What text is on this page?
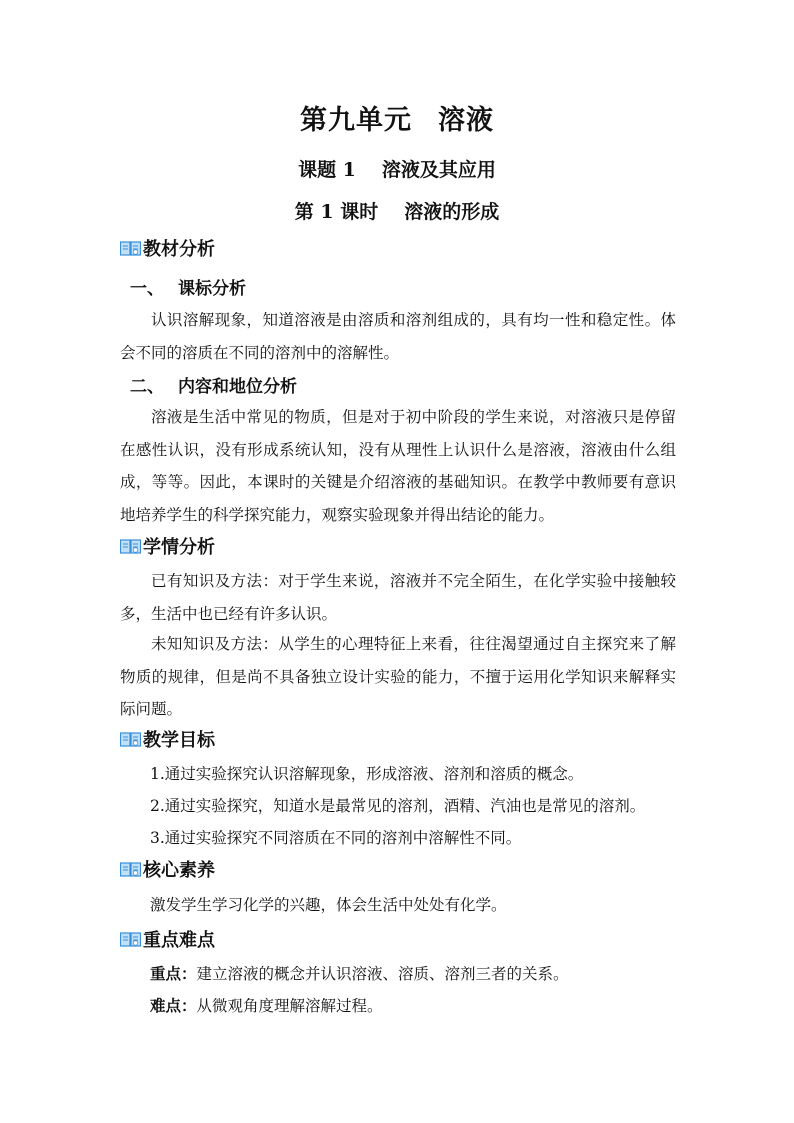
第九单元 溶液
课题 1 溶液及其应用
第 1 课时 溶液的形成
教材分析
一、 课标分析
认识溶解现象，知道溶液是由溶质和溶剂组成的，具有均一性和稳定性。体会不同的溶质在不同的溶剂中的溶解性。
二、 内容和地位分析
溶液是生活中常见的物质，但是对于初中阶段的学生来说，对溶液只是停留在感性认识，没有形成系统认知，没有从理性上认识什么是溶液，溶液由什么组成，等等。因此，本课时的关键是介绍溶液的基础知识。在教学中教师要有意识地培养学生的科学探究能力，观察实验现象并得出结论的能力。
学情分析
已有知识及方法：对于学生来说，溶液并不完全陌生，在化学实验中接触较多，生活中也已经有许多认识。
未知知识及方法：从学生的心理特征上来看，往往渴望通过自主探究来了解物质的规律，但是尚不具备独立设计实验的能力，不擅于运用化学知识来解释实际问题。
教学目标
1.通过实验探究认识溶解现象，形成溶液、溶剂和溶质的概念。
2.通过实验探究，知道水是最常见的溶剂，酒精、汽油也是常见的溶剂。
3.通过实验探究不同溶质在不同的溶剂中溶解性不同。
核心素养
激发学生学习化学的兴趣，体会生活中处处有化学。
重点难点
重点：建立溶液的概念并认识溶液、溶质、溶剂三者的关系。
难点：从微观角度理解溶解过程。
